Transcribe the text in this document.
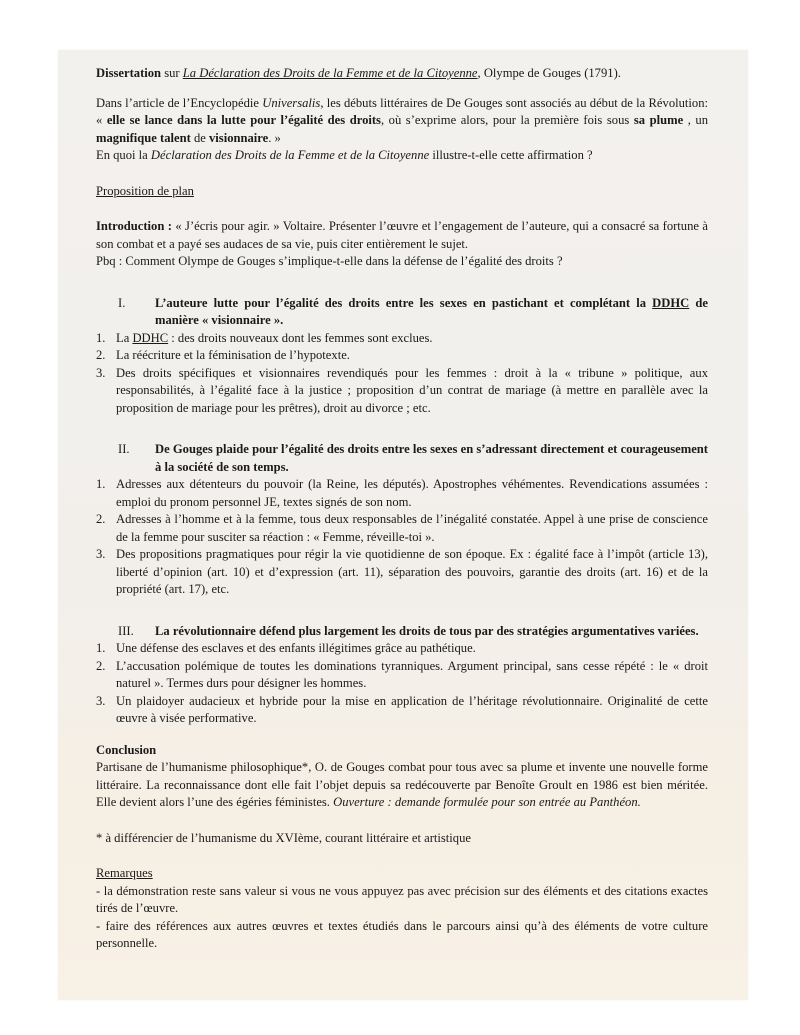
Dissertation sur La Déclaration des Droits de la Femme et de la Citoyenne, Olympe de Gouges (1791).

Dans l’article de l’Encyclopédie Universalis, les débuts littéraires de De Gouges sont associés au début de la Révolution: « elle se lance dans la lutte pour l’égalité des droits, où s’exprime alors, pour la première fois sous sa plume , un magnifique talent de visionnaire. »

En quoi la Déclaration des Droits de la Femme et de la Citoyenne illustre-t-elle cette affirmation ?

Proposition de plan

Introduction : « J’écris pour agir. » Voltaire. Présenter l’œuvre et l’engagement de l’auteure, qui a consacré sa fortune à son combat et a payé ses audaces de sa vie, puis citer entièrement le sujet.

Pbq : Comment Olympe de Gouges s’implique-t-elle dans la défense de l’égalité des droits ?

I.	L’auteure lutte pour l’égalité des droits entre les sexes en pastichant et complétant la DDHC de manière « visionnaire ».
1. La DDHC : des droits nouveaux dont les femmes sont exclues.
2. La réécriture et la féminisation de l’hypotexte.
3. Des droits spécifiques et visionnaires revendiqués pour les femmes : droit à la « tribune » politique, aux responsabilités, à l’égalité face à la justice ; proposition d’un contrat de mariage (à mettre en parallèle avec la proposition de mariage pour les prêtres), droit au divorce ; etc.
II.	De Gouges plaide pour l’égalité des droits entre les sexes en s’adressant directement et courageusement à la société de son temps.
1. Adresses aux détenteurs du pouvoir (la Reine, les députés). Apostrophes véhémentes. Revendications assumées : emploi du pronom personnel JE, textes signés de son nom.
2. Adresses à l’homme et à la femme, tous deux responsables de l’inégalité constatée. Appel à une prise de conscience de la femme pour susciter sa réaction : « Femme, réveille-toi ».
3. Des propositions pragmatiques pour régir la vie quotidienne de son époque. Ex : égalité face à l’impôt (article 13), liberté d’opinion (art. 10) et d’expression (art. 11), séparation des pouvoirs, garantie des droits (art. 16) et de la propriété (art. 17), etc.
III.	La révolutionnaire défend plus largement les droits de tous par des stratégies argumentatives variées.
1. Une défense des esclaves et des enfants illégitimes grâce au pathétique.
2. L’accusation polémique de toutes les dominations tyranniques. Argument principal, sans cesse répété : le « droit naturel ». Termes durs pour désigner les hommes.
3. Un plaidoyer audacieux et hybride pour la mise en application de l’héritage révolutionnaire. Originalité de cette œuvre à visée performative.

Conclusion

Partisane de l’humanisme philosophique*, O. de Gouges combat pour tous avec sa plume et invente une nouvelle forme littéraire. La reconnaissance dont elle fait l’objet depuis sa redécouverte par Benoîte Groult en 1986 est bien méritée. Elle devient alors l’une des égéries féministes. Ouverture : demande formulée pour son entrée au Panthéon.

* à différencier de l’humanisme du XVIème, courant littéraire et artistique

Remarques

- la démonstration reste sans valeur si vous ne vous appuyez pas avec précision sur des éléments et des citations exactes tirés de l’œuvre.

- faire des références aux autres œuvres et textes étudiés dans le parcours ainsi qu’à des éléments de votre culture personnelle.
